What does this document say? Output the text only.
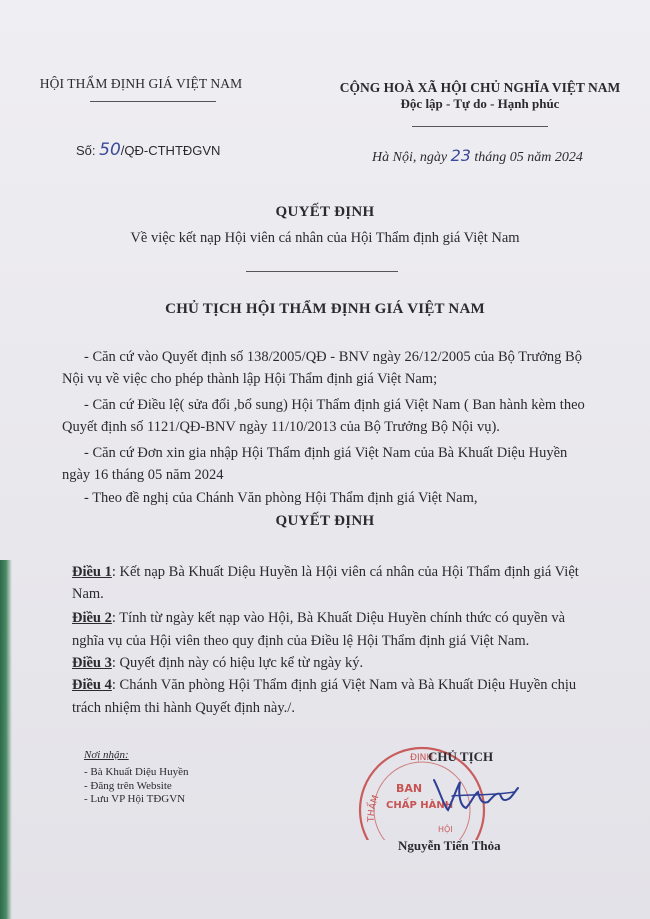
HỘI THẨM ĐỊNH GIÁ VIỆT NAM	CỘNG HOÀ XÃ HỘI CHỦ NGHĨA VIỆT NAM
Độc lập - Tự do - Hạnh phúc
Số: 50/QĐ-CTHTĐGVN	Hà Nội, ngày 23 tháng 05 năm 2024
QUYẾT ĐỊNH
Về việc kết nạp Hội viên cá nhân của Hội Thẩm định giá Việt Nam
CHỦ TỊCH HỘI THẨM ĐỊNH GIÁ VIỆT NAM
- Căn cứ vào Quyết định số 138/2005/QĐ - BNV ngày 26/12/2005 của Bộ Trưởng Bộ
Nội vụ về việc cho phép thành lập Hội Thẩm định giá Việt Nam;
- Căn cứ Điều lệ( sửa đổi ,bổ sung) Hội Thẩm định giá Việt Nam ( Ban hành kèm theo
Quyết định số 1121/QĐ-BNV ngày 11/10/2013 của Bộ Trưởng Bộ Nội vụ).
- Căn cứ Đơn xin gia nhập Hội Thẩm định giá Việt Nam của Bà Khuất Diệu Huyền
ngày 16 tháng 05 năm 2024
- Theo đề nghị của Chánh Văn phòng Hội Thẩm định giá Việt Nam,
QUYẾT ĐỊNH
Điều 1: Kết nạp Bà Khuất Diệu Huyền là Hội viên cá nhân của Hội Thẩm định giá Việt
Nam.
Điều 2: Tính từ ngày kết nạp vào Hội, Bà Khuất Diệu Huyền chính thức có quyền và
nghĩa vụ của Hội viên theo quy định của Điều lệ Hội Thẩm định giá Việt Nam.
Điều 3: Quyết định này có hiệu lực kể từ ngày ký.
Điều 4: Chánh Văn phòng Hội Thẩm định giá Việt Nam và Bà Khuất Diệu Huyền chịu
trách nhiệm thi hành Quyết định này./.
Nơi nhận:
- Bà Khuất Diệu Huyền
- Đăng trên Website
- Lưu VP Hội TĐGVN
THẨM
ĐỊNH
BAN
CHẤP HÀNH
HỘI
CHỦ TỊCH
Nguyễn Tiến Thỏa
